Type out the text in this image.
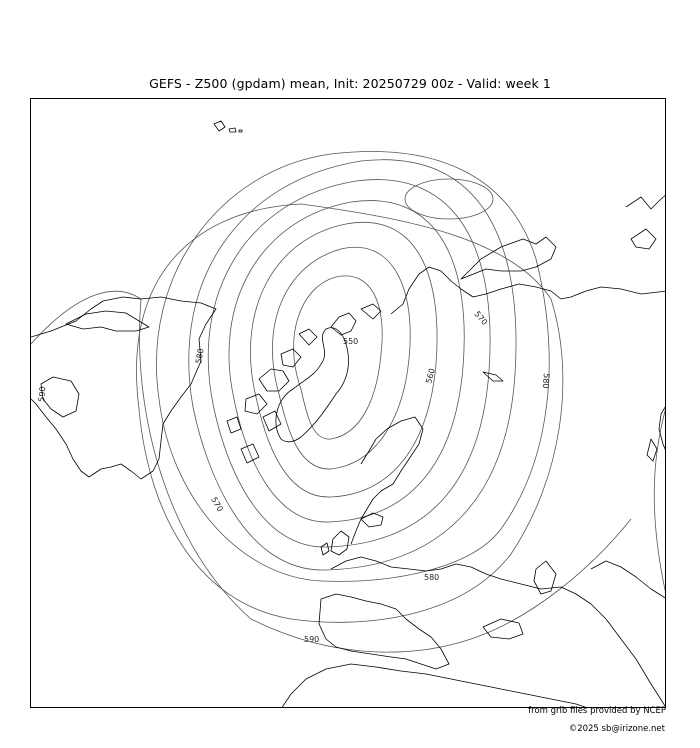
GEFS - Z500 (gpdam) mean, Init: 20250729 00z - Valid: week 1
550
560
570
570
580
580
580
590
590
from grib files provided by NCEP
©2025 sb@irizone.net
